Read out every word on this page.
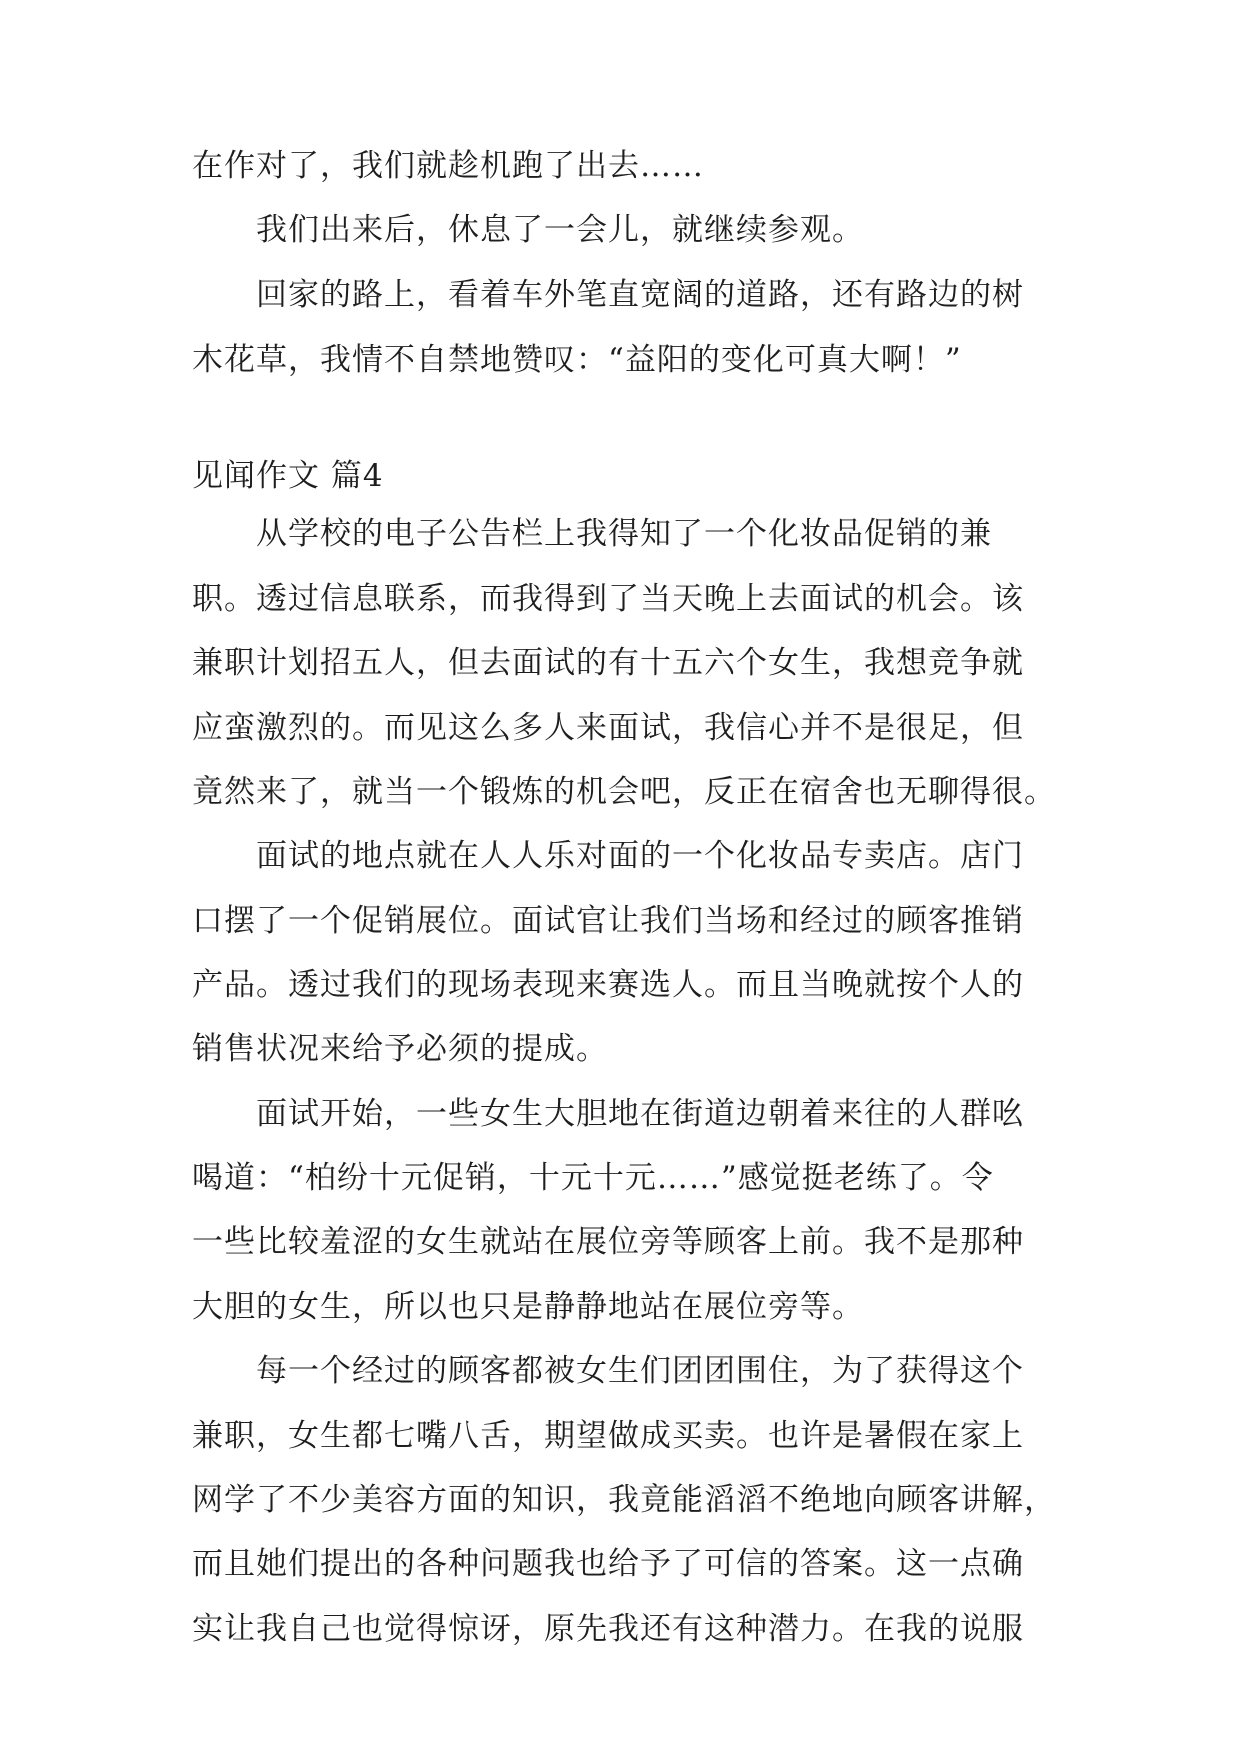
在作对了，我们就趁机跑了出去……
我们出来后，休息了一会儿，就继续参观。
回家的路上，看着车外笔直宽阔的道路，还有路边的树
木花草，我情不自禁地赞叹：“益阳的变化可真大啊！”
见闻作文 篇4
从学校的电子公告栏上我得知了一个化妆品促销的兼
职。透过信息联系，而我得到了当天晚上去面试的机会。该
兼职计划招五人，但去面试的有十五六个女生，我想竞争就
应蛮激烈的。而见这么多人来面试，我信心并不是很足，但
竟然来了，就当一个锻炼的机会吧，反正在宿舍也无聊得很。
面试的地点就在人人乐对面的一个化妆品专卖店。店门
口摆了一个促销展位。面试官让我们当场和经过的顾客推销
产品。透过我们的现场表现来赛选人。而且当晚就按个人的
销售状况来给予必须的提成。
面试开始，一些女生大胆地在街道边朝着来往的人群吆
喝道：“柏纷十元促销，十元十元……”感觉挺老练了。令
一些比较羞涩的女生就站在展位旁等顾客上前。我不是那种
大胆的女生，所以也只是静静地站在展位旁等。
每一个经过的顾客都被女生们团团围住，为了获得这个
兼职，女生都七嘴八舌，期望做成买卖。也许是暑假在家上
网学了不少美容方面的知识，我竟能滔滔不绝地向顾客讲解，
而且她们提出的各种问题我也给予了可信的答案。这一点确
实让我自己也觉得惊讶，原先我还有这种潜力。在我的说服
